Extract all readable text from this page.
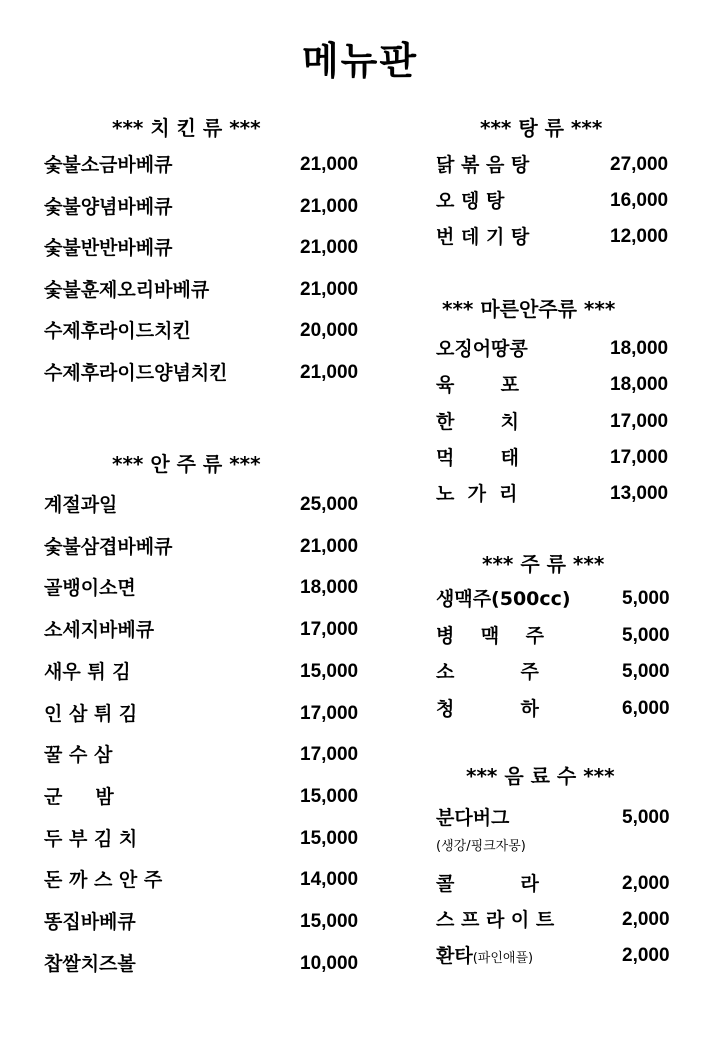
메뉴판
*** 치 킨 류 ***
숯불소금바베큐	21,000
숯불양념바베큐	21,000
숯불반반바베큐	21,000
숯불훈제오리바베큐	21,000
수제후라이드치킨	20,000
수제후라이드양념치킨	21,000
*** 안 주 류 ***
계절과일	25,000
숯불삼겹바베큐	21,000
골뱅이소면	18,000
소세지바베큐	17,000
새우 튀 김	15,000
인 삼 튀 김	17,000
꿀 수 삼	17,000
군     밤	15,000
두 부 김 치	15,000
돈 까 스 안 주	14,000
똥집바베큐	15,000
찹쌀치즈볼	10,000
*** 탕 류 ***
닭 볶 음 탕	27,000
오 뎅 탕	16,000
번 데 기 탕	12,000
*** 마른안주류 ***
오징어땅콩	18,000
육       포	18,000
한       치	17,000
먹       태	17,000
노  가  리	13,000
*** 주 류 ***
생맥주(500cc)	5,000
병    맥    주	5,000
소          주	5,000
청          하	6,000
*** 음 료 수 ***
분다버그	5,000
(생강/핑크자몽)
콜          라	2,000
스 프 라 이 트	2,000
환타(파인애플)	2,000
